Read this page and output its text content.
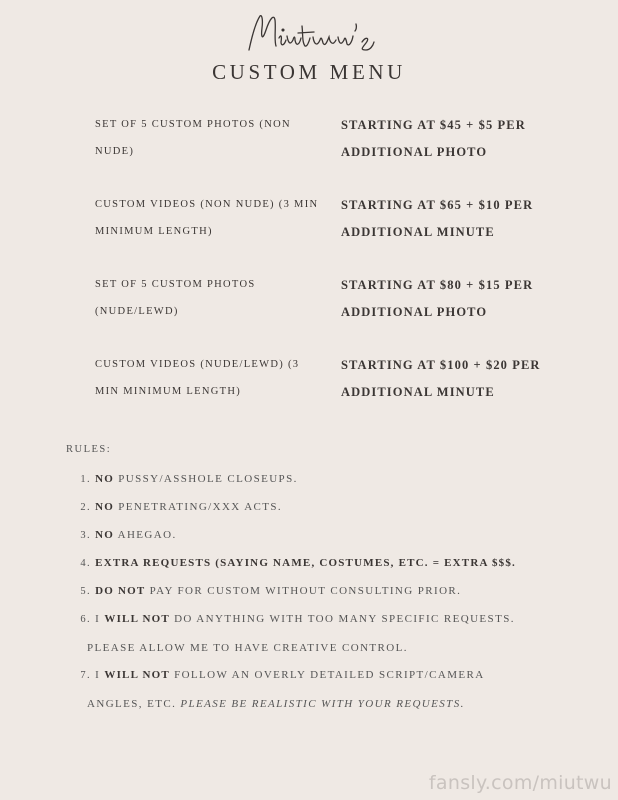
Miutwu's
CUSTOM MENU
SET OF 5 CUSTOM PHOTOS (NON NUDE)
STARTING AT $45 + $5 PER ADDITIONAL PHOTO
CUSTOM VIDEOS (NON NUDE) (3 MIN MINIMUM LENGTH)
STARTING AT $65 + $10 PER ADDITIONAL MINUTE
SET OF 5 CUSTOM PHOTOS (NUDE/LEWD)
STARTING AT $80 + $15 PER ADDITIONAL PHOTO
CUSTOM VIDEOS (NUDE/LEWD) (3 MIN MINIMUM LENGTH)
STARTING AT $100 + $20 PER ADDITIONAL MINUTE
RULES:
1. NO PUSSY/ASSHOLE CLOSEUPS.
2. NO PENETRATING/XXX ACTS.
3. NO AHEGAO.
4. EXTRA REQUESTS (SAYING NAME, COSTUMES, ETC. = EXTRA $$$.
5. DO NOT PAY FOR CUSTOM WITHOUT CONSULTING PRIOR.
6. I WILL NOT DO ANYTHING WITH TOO MANY SPECIFIC REQUESTS.
PLEASE ALLOW ME TO HAVE CREATIVE CONTROL.
7. I WILL NOT FOLLOW AN OVERLY DETAILED SCRIPT/CAMERA
ANGLES, ETC. PLEASE BE REALISTIC WITH YOUR REQUESTS.
fansly.com/miutwu
